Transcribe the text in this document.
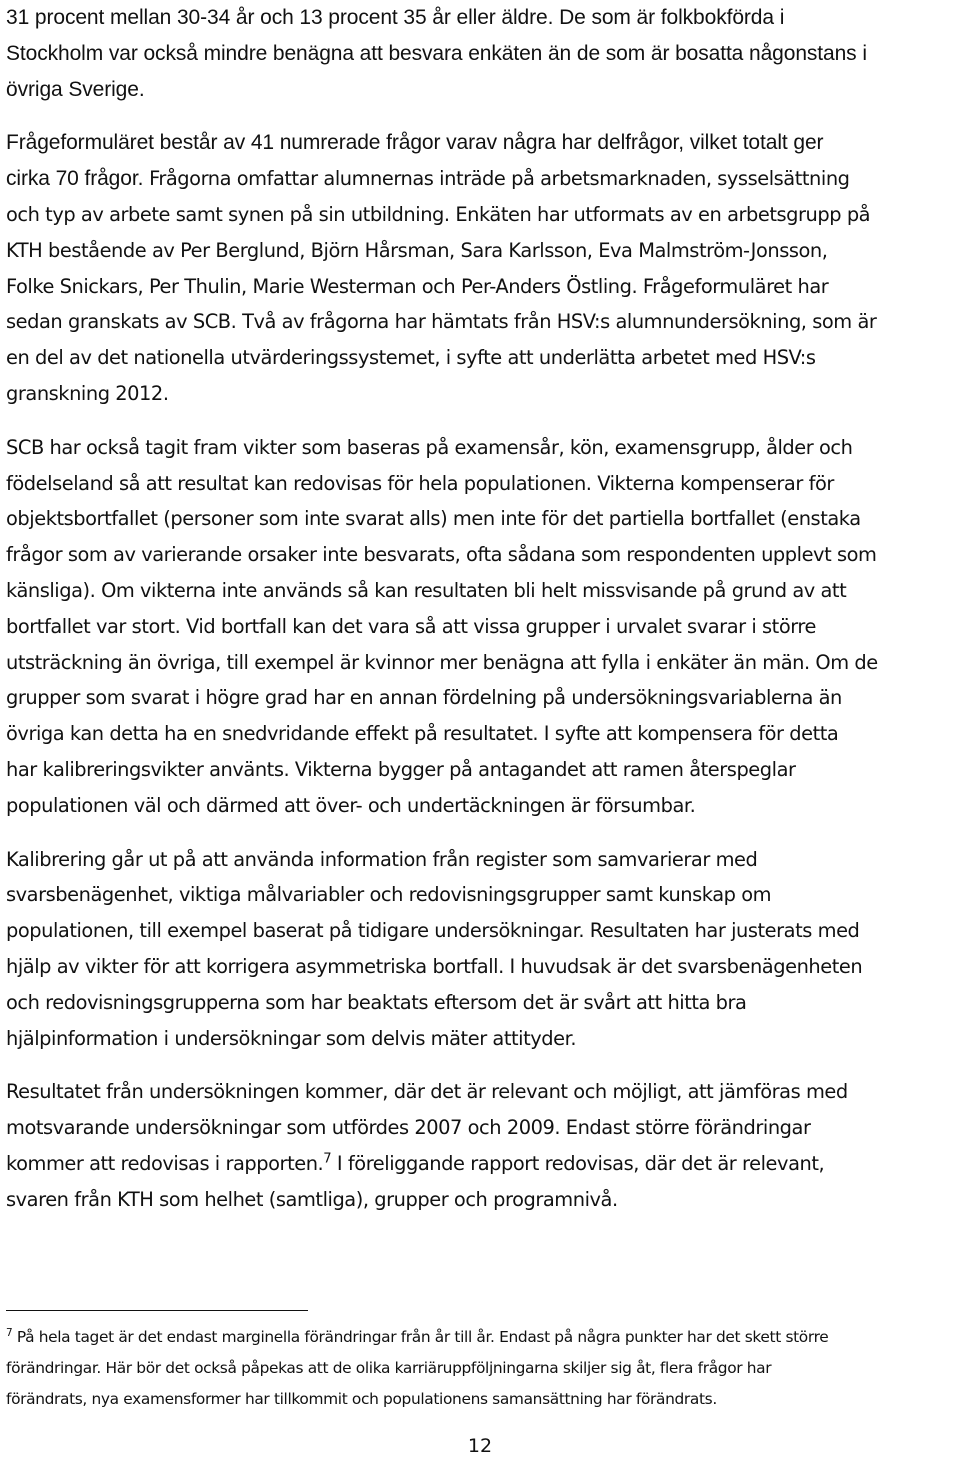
31 procent mellan 30-34 år och 13 procent 35 år eller äldre. De som är folkbokförda i
Stockholm var också mindre benägna att besvara enkäten än de som är bosatta någonstans i
övriga Sverige.

Frågeformuläret består av 41 numrerade frågor varav några har delfrågor, vilket totalt ger
cirka 70 frågor. Frågorna omfattar alumnernas inträde på arbetsmarknaden, sysselsättning
och typ av arbete samt synen på sin utbildning. Enkäten har utformats av en arbetsgrupp på
KTH bestående av Per Berglund, Björn Hårsman, Sara Karlsson, Eva Malmström-Jonsson,
Folke Snickars, Per Thulin, Marie Westerman och Per-Anders Östling. Frågeformuläret har
sedan granskats av SCB. Två av frågorna har hämtats från HSV:s alumnundersökning, som är
en del av det nationella utvärderingssystemet, i syfte att underlätta arbetet med HSV:s
granskning 2012.

SCB har också tagit fram vikter som baseras på examensår, kön, examensgrupp, ålder och
födelseland så att resultat kan redovisas för hela populationen. Vikterna kompenserar för
objektsbortfallet (personer som inte svarat alls) men inte för det partiella bortfallet (enstaka
frågor som av varierande orsaker inte besvarats, ofta sådana som respondenten upplevt som
känsliga). Om vikterna inte används så kan resultaten bli helt missvisande på grund av att
bortfallet var stort. Vid bortfall kan det vara så att vissa grupper i urvalet svarar i större
utsträckning än övriga, till exempel är kvinnor mer benägna att fylla i enkäter än män. Om de
grupper som svarat i högre grad har en annan fördelning på undersökningsvariablerna än
övriga kan detta ha en snedvridande effekt på resultatet. I syfte att kompensera för detta
har kalibreringsvikter använts. Vikterna bygger på antagandet att ramen återspeglar
populationen väl och därmed att över- och undertäckningen är försumbar.

Kalibrering går ut på att använda information från register som samvarierar med
svarsbenägenhet, viktiga målvariabler och redovisningsgrupper samt kunskap om
populationen, till exempel baserat på tidigare undersökningar. Resultaten har justerats med
hjälp av vikter för att korrigera asymmetriska bortfall. I huvudsak är det svarsbenägenheten
och redovisningsgrupperna som har beaktats eftersom det är svårt att hitta bra
hjälpinformation i undersökningar som delvis mäter attityder.

Resultatet från undersökningen kommer, där det är relevant och möjligt, att jämföras med
motsvarande undersökningar som utfördes 2007 och 2009. Endast större förändringar
kommer att redovisas i rapporten.$^7$ I föreliggande rapport redovisas, där det är relevant,
svaren från KTH som helhet (samtliga), grupper och programnivå.

$^7$ På hela taget är det endast marginella förändringar från år till år. Endast på några punkter har det skett större
förändringar. Här bör det också påpekas att de olika karriäruppföljningarna skiljer sig åt, flera frågor har
förändrats, nya examensformer har tillkommit och populationens samansättning har förändrats.

12
